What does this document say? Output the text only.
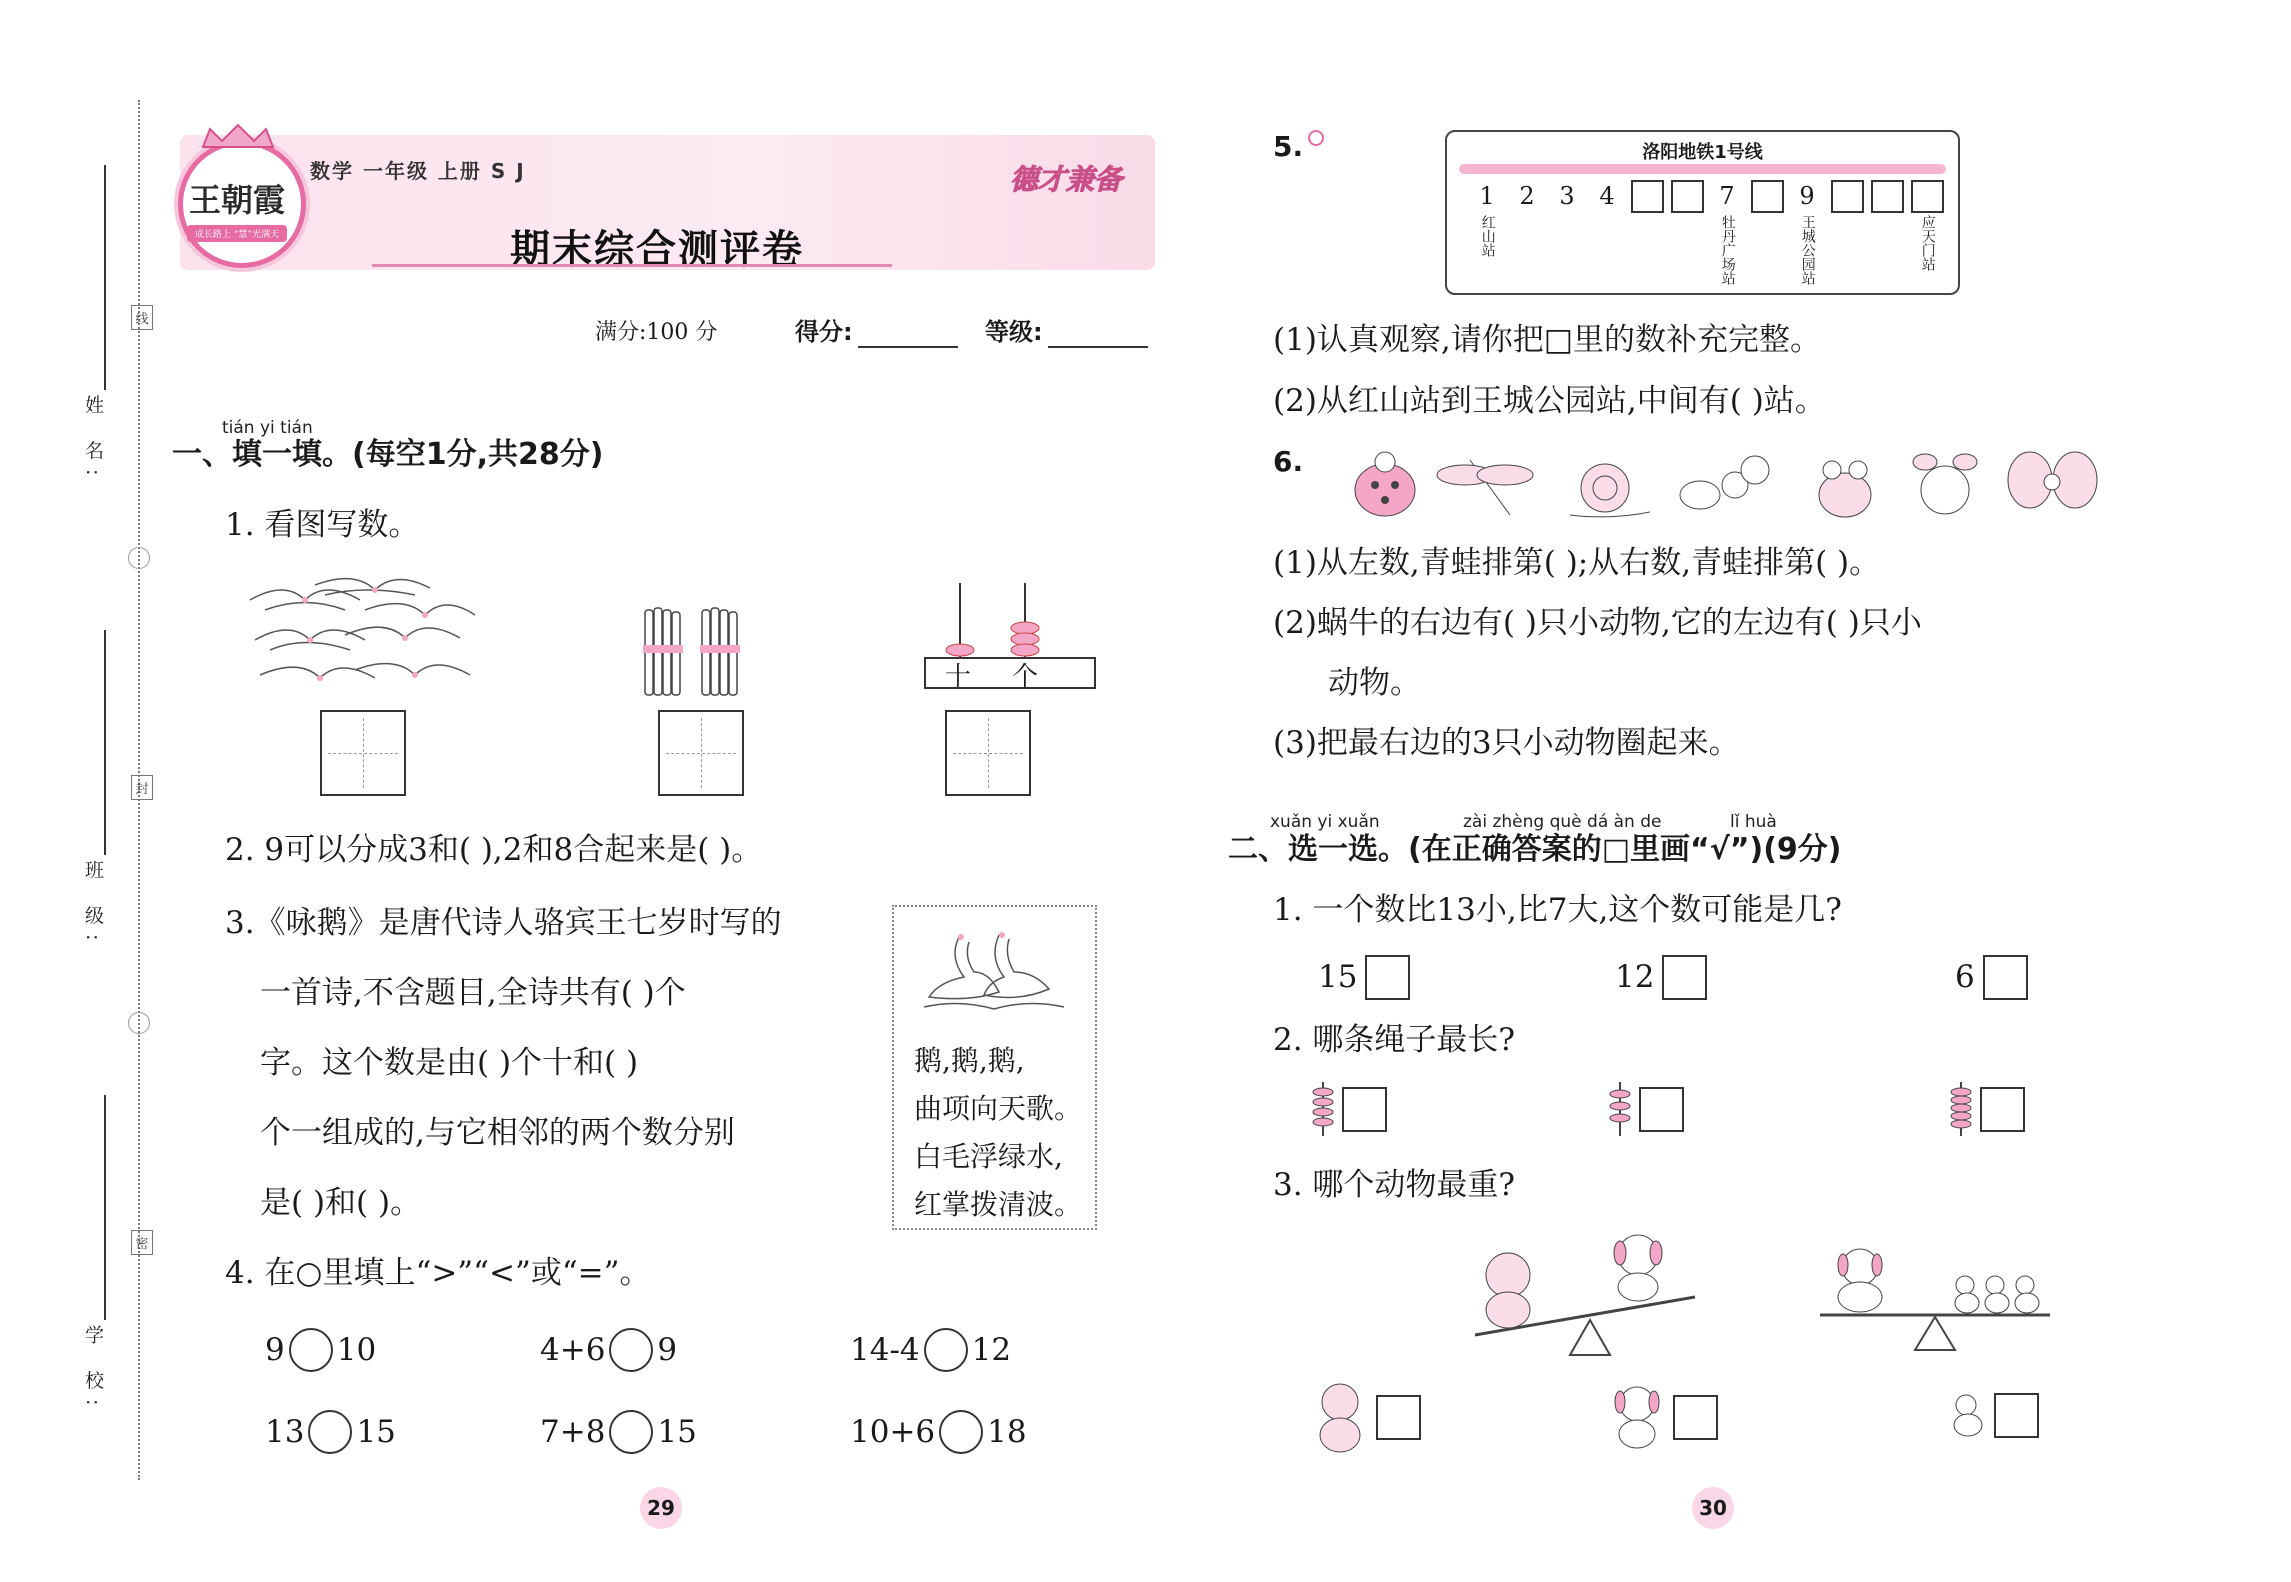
线
封
密
姓 名:
班 级:
学 校:
王朝霞
成长路上 “慧”光满天
数学 一年级 上册 S J	德才兼备
期末综合测评卷
满分:100 分	得分:	等级:
tián yi tián
一、填一填。(每空1分,共28分)
1. 看图写数。
十 个
2. 9可以分成3和( ),2和8合起来是( )。
3.《咏鹅》是唐代诗人骆宾王七岁时写的
一首诗,不含题目,全诗共有( )个
字。这个数是由( )个十和( )
个一组成的,与它相邻的两个数分别
是( )和( )。
鹅,鹅,鹅,
曲项向天歌。
白毛浮绿水,
红掌拨清波。
4. 在○里填上“>”“<”或“=”。
9 10	4+6 9	14-4 12
13 15	7+8 15	10+6 18
29
5.	洛阳地铁1号线
1
红山站
2 3 4	7
牡丹广场站
9
王城公园站	应天门站
(1)认真观察,请你把□里的数补充完整。
(2)从红山站到王城公园站,中间有( )站。
6.
(1)从左数,青蛙排第( );从右数,青蛙排第( )。
(2)蜗牛的右边有( )只小动物,它的左边有( )只小
动物。
(3)把最右边的3只小动物圈起来。
xuǎn yi xuǎn	zài zhèng què dá àn de	lǐ huà
二、选一选。(在正确答案的□里画“√”)(9分)
1. 一个数比13小,比7大,这个数可能是几?
15	12	6
2. 哪条绳子最长?
3. 哪个动物最重?
30
